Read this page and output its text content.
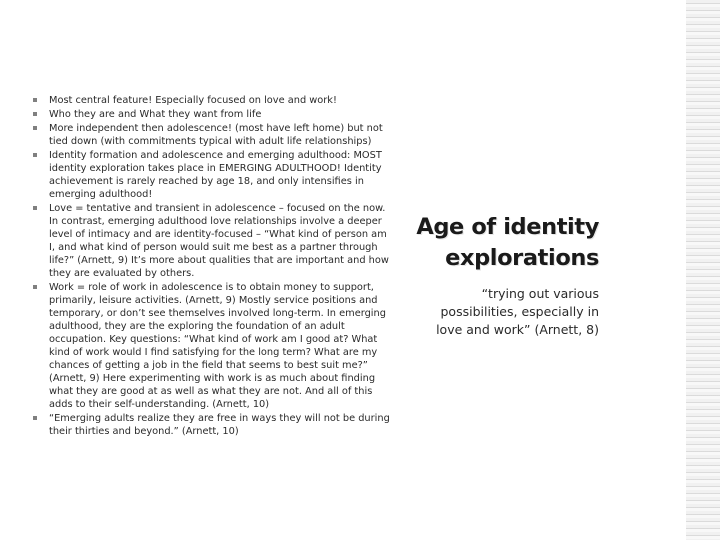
Most central feature! Especially focused on love and work!
Who they are and What they want from life
More independent then adolescence! (most have left home) but not tied down (with commitments typical with adult life relationships)
Identity formation and adolescence and emerging adulthood: MOST identity exploration takes place in EMERGING ADULTHOOD! Identity achievement is rarely reached by age 18, and only intensifies in emerging adulthood!
Love = tentative and transient in adolescence – focused on the now. In contrast, emerging adulthood love relationships involve a deeper level of intimacy and are identity-focused – “What kind of person am I, and what kind of person would suit me best as a partner through life?” (Arnett, 9) It’s more about qualities that are important and how they are evaluated by others.
Work = role of work in adolescence is to obtain money to support, primarily, leisure activities. (Arnett, 9) Mostly service positions and temporary, or don’t see themselves involved long-term. In emerging adulthood, they are the exploring the foundation of an adult occupation. Key questions: “What kind of work am I good at? What kind of work would I find satisfying for the long term? What are my chances of getting a job in the field that seems to best suit me?” (Arnett, 9) Here experimenting with work is as much about finding what they are good at as well as what they are not. And all of this adds to their self-understanding. (Arnett, 10)
“Emerging adults realize they are free in ways they will not be during their thirties and beyond.” (Arnett, 10)
Age of identity
explorations

“trying out various possibilities, especially in love and work” (Arnett, 8)
